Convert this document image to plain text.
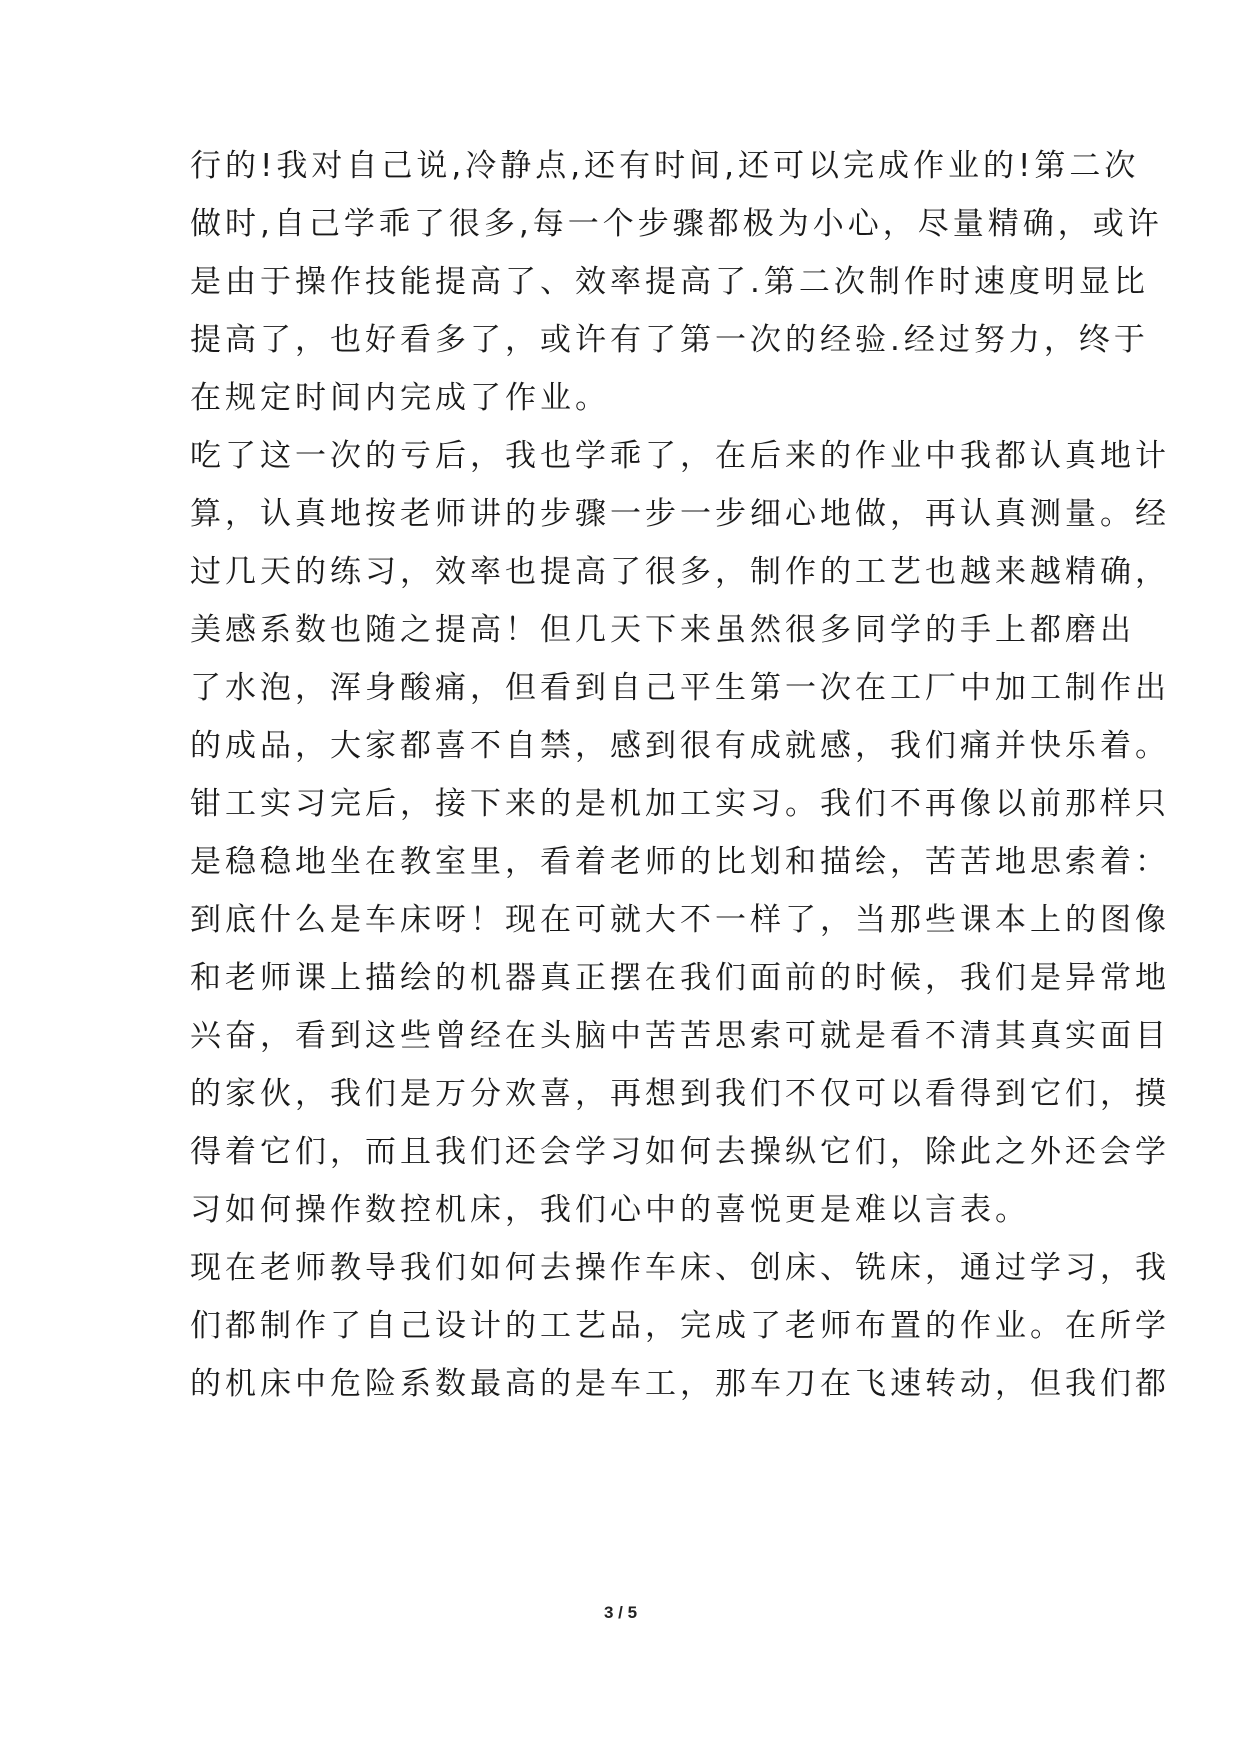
行的!我对自己说,冷静点,还有时间,还可以完成作业的!第二次
做时,自己学乖了很多,每一个步骤都极为小心，尽量精确，或许
是由于操作技能提高了、效率提高了.第二次制作时速度明显比
提高了，也好看多了，或许有了第一次的经验.经过努力，终于
在规定时间内完成了作业。
吃了这一次的亏后，我也学乖了，在后来的作业中我都认真地计
算，认真地按老师讲的步骤一步一步细心地做，再认真测量。经
过几天的练习，效率也提高了很多，制作的工艺也越来越精确，
美感系数也随之提高！但几天下来虽然很多同学的手上都磨出
了水泡，浑身酸痛，但看到自己平生第一次在工厂中加工制作出
的成品，大家都喜不自禁，感到很有成就感，我们痛并快乐着。
钳工实习完后，接下来的是机加工实习。我们不再像以前那样只
是稳稳地坐在教室里，看着老师的比划和描绘，苦苦地思索着：
到底什么是车床呀！现在可就大不一样了，当那些课本上的图像
和老师课上描绘的机器真正摆在我们面前的时候，我们是异常地
兴奋，看到这些曾经在头脑中苦苦思索可就是看不清其真实面目
的家伙，我们是万分欢喜，再想到我们不仅可以看得到它们，摸
得着它们，而且我们还会学习如何去操纵它们，除此之外还会学
习如何操作数控机床，我们心中的喜悦更是难以言表。
现在老师教导我们如何去操作车床、创床、铣床，通过学习，我
们都制作了自己设计的工艺品，完成了老师布置的作业。在所学
的机床中危险系数最高的是车工，那车刀在飞速转动，但我们都
3 / 5
